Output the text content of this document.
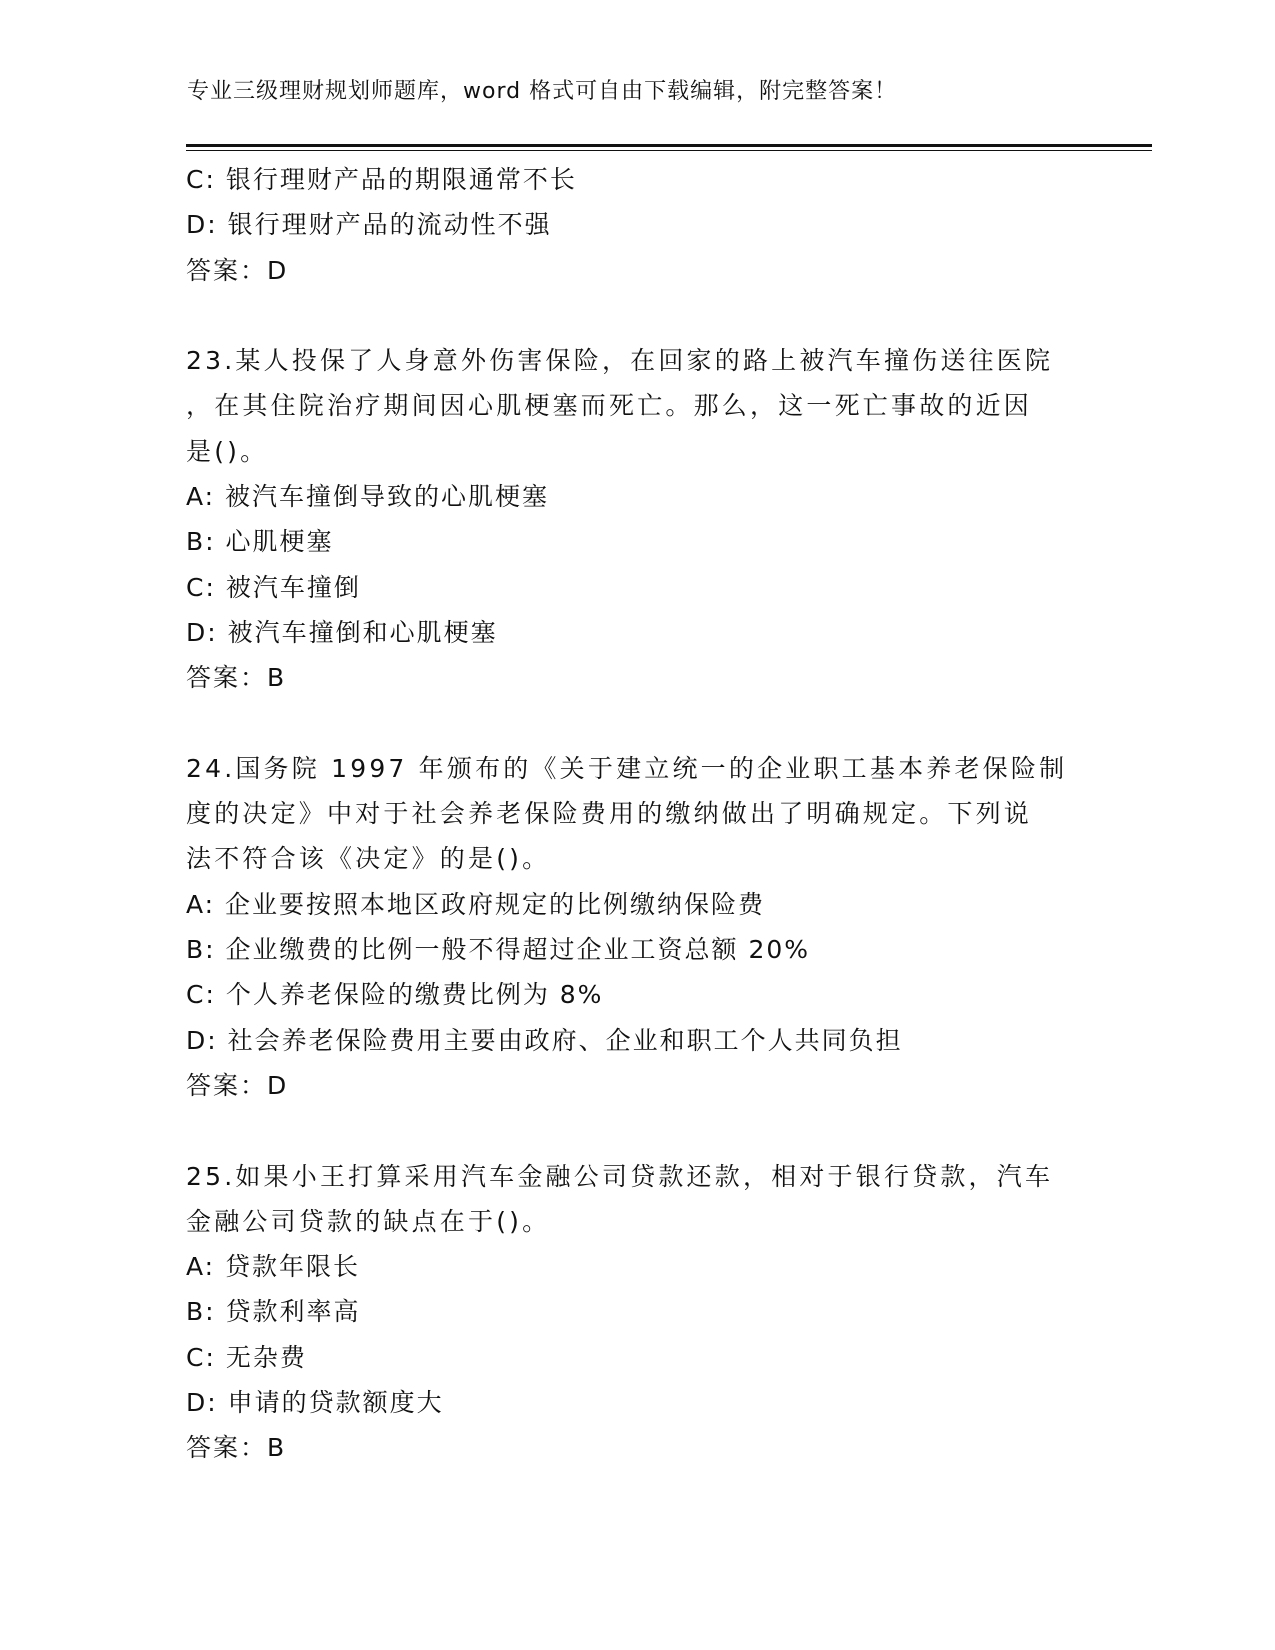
专业三级理财规划师题库，word 格式可自由下载编辑，附完整答案！
C: 银行理财产品的期限通常不长
D: 银行理财产品的流动性不强
答案：D
23.某人投保了人身意外伤害保险，在回家的路上被汽车撞伤送往医院
，在其住院治疗期间因心肌梗塞而死亡。那么，这一死亡事故的近因
是()。
A: 被汽车撞倒导致的心肌梗塞
B: 心肌梗塞
C: 被汽车撞倒
D: 被汽车撞倒和心肌梗塞
答案：B
24.国务院 1997 年颁布的《关于建立统一的企业职工基本养老保险制
度的决定》中对于社会养老保险费用的缴纳做出了明确规定。下列说
法不符合该《决定》的是()。
A: 企业要按照本地区政府规定的比例缴纳保险费
B: 企业缴费的比例一般不得超过企业工资总额 20%
C: 个人养老保险的缴费比例为 8%
D: 社会养老保险费用主要由政府、企业和职工个人共同负担
答案：D
25.如果小王打算采用汽车金融公司贷款还款，相对于银行贷款，汽车
金融公司贷款的缺点在于()。
A: 贷款年限长
B: 贷款利率高
C: 无杂费
D: 申请的贷款额度大
答案：B
